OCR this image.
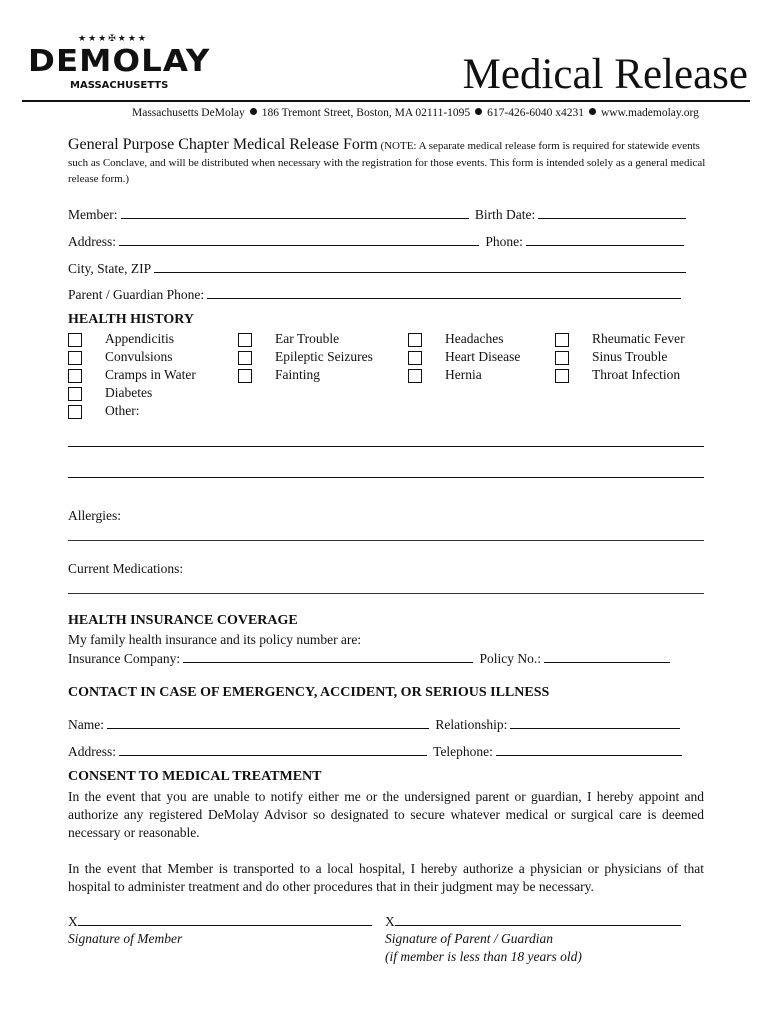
★★★✠★★★
DEMOLAY
MASSACHUSETTS	Medical Release
Massachusetts DeMolay 186 Tremont Street, Boston, MA 02111-1095 617-426-6040 x4231 www.mademolay.org
General Purpose Chapter Medical Release Form (NOTE: A separate medical release form is required for statewide events such as Conclave, and will be distributed when necessary with the registration for those events. This form is intended solely as a general medical release form.)
Member:	Birth Date:
Address:	Phone:
City, State, ZIP
Parent / Guardian Phone:
HEALTH HISTORY
Appendicitis
Convulsions
Cramps in Water
Diabetes
Other:
Ear Trouble
Epileptic Seizures
Fainting
Headaches
Heart Disease
Hernia
Rheumatic Fever
Sinus Trouble
Throat Infection
Allergies:
Current Medications:
HEALTH INSURANCE COVERAGE
My family health insurance and its policy number are:
Insurance Company:	Policy No.:
CONTACT IN CASE OF EMERGENCY, ACCIDENT, OR SERIOUS ILLNESS
Name:	Relationship:
Address:	Telephone:
CONSENT TO MEDICAL TREATMENT
In the event that you are unable to notify either me or the undersigned parent or guardian, I hereby appoint and authorize any registered DeMolay Advisor so designated to secure whatever medical or surgical care is deemed necessary or reasonable.
In the event that Member is transported to a local hospital, I hereby authorize a physician or physicians of that hospital to administer treatment and do other procedures that in their judgment may be necessary.
X
Signature of Member
X
Signature of Parent / Guardian
(if member is less than 18 years old)
